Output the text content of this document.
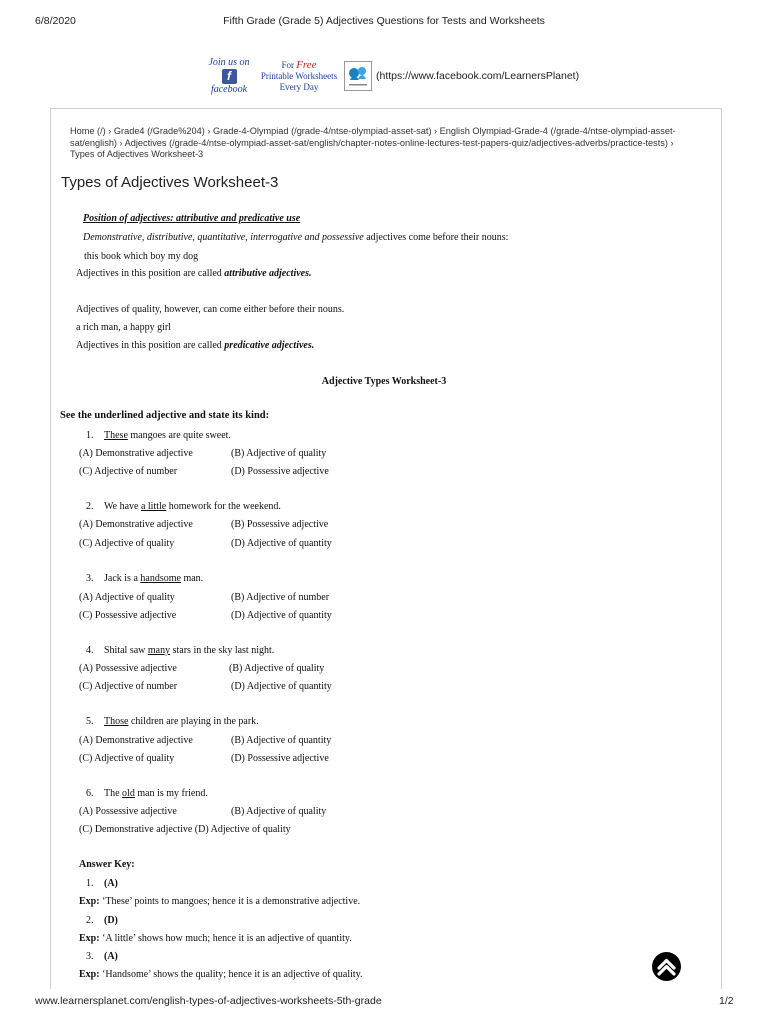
6/8/2020	Fifth Grade (Grade 5) Adjectives Questions for Tests and Worksheets
Join us on
f
facebook
For Free
Printable Worksheets
Every Day
(https://www.facebook.com/LearnersPlanet)
Home (/) › Grade4 (/Grade%204) › Grade-4-Olympiad (/grade-4/ntse-olympiad-asset-sat) › English Olympiad-Grade-4 (/grade-4/ntse-olympiad-asset-sat/english) › Adjectives (/grade-4/ntse-olympiad-asset-sat/english/chapter-notes-online-lectures-test-papers-quiz/adjectives-adverbs/practice-tests) › Types of Adjectives Worksheet-3
Types of Adjectives Worksheet-3
Position of adjectives: attributive and predicative use
Demonstrative, distributive, quantitative, interrogative and possessive adjectives come before their nouns:
this book which boy my dog
Adjectives in this position are called attributive adjectives.
Adjectives of quality, however, can come either before their nouns.
a rich man, a happy girl
Adjectives in this position are called predicative adjectives.
Adjective Types Worksheet-3
See the underlined adjective and state its kind:
1. These mangoes are quite sweet.
(A) Demonstrative adjective	(B) Adjective of quality
(C) Adjective of number	(D) Possessive adjective
2. We have a little homework for the weekend.
(A) Demonstrative adjective	(B) Possessive adjective
(C) Adjective of quality	(D) Adjective of quantity
3. Jack is a handsome man.
(A) Adjective of quality	(B) Adjective of number
(C) Possessive adjective	(D) Adjective of quantity
4. Shital saw many stars in the sky last night.
(A) Possessive adjective	(B) Adjective of quality
(C) Adjective of number	(D) Adjective of quantity
5. Those children are playing in the park.
(A) Demonstrative adjective	(B) Adjective of quantity
(C) Adjective of quality	(D) Possessive adjective
6. The old man is my friend.
(A) Possessive adjective	(B) Adjective of quality
(C) Demonstrative adjective (D) Adjective of quality
Answer Key:
1. (A)
Exp: ‘These’ points to mangoes; hence it is a demonstrative adjective.
2. (D)
Exp: ‘A little’ shows how much; hence it is an adjective of quantity.
3. (A)
Exp: ‘Handsome’ shows the quality; hence it is an adjective of quality.
www.learnersplanet.com/english-types-of-adjectives-worksheets-5th-grade	1/2
